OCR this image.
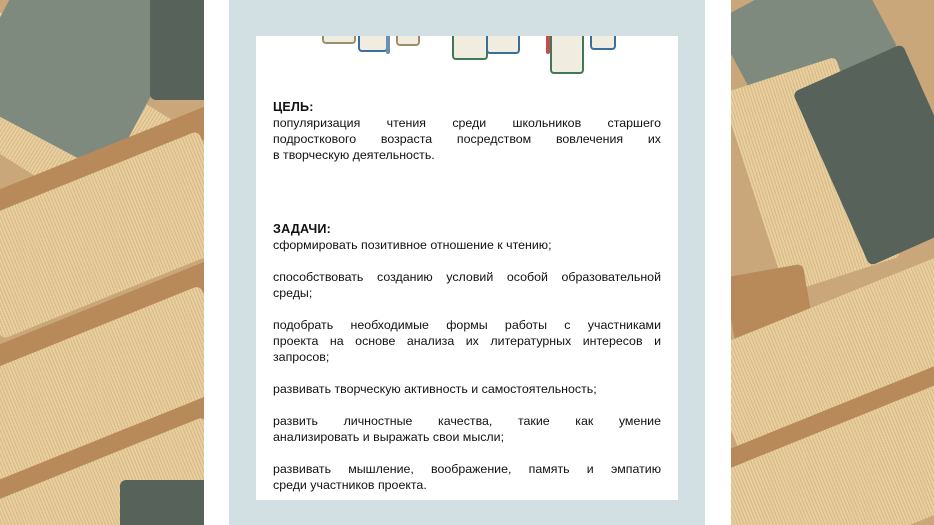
ЦЕЛЬ:
популяризация чтения среди школьников старшего
подросткового возраста посредством вовлечения их
в творческую деятельность.
ЗАДАЧИ:
сформировать позитивное отношение к чтению;
способствовать созданию условий особой образовательной
среды;
подобрать необходимые формы работы с участниками
проекта на основе анализа их литературных интересов и
запросов;
развивать творческую активность и самостоятельность;
развить личностные качества, такие как умение
анализировать и выражать свои мысли;
развивать мышление, воображение, память и эмпатию
среди участников проекта.
